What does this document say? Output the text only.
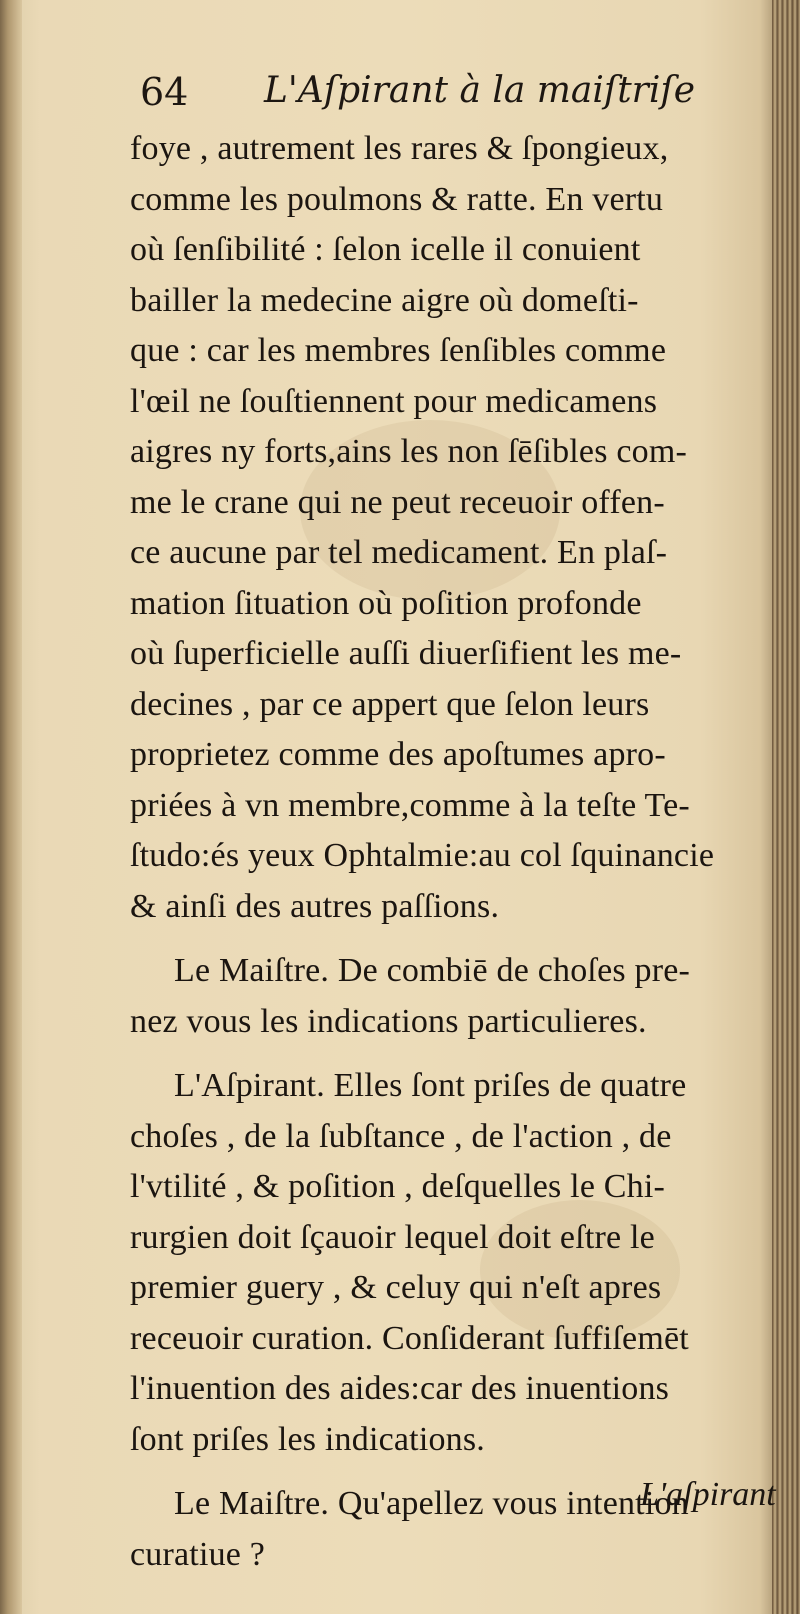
64 L'Aſpirant à la maiſtriſe
foye , autrement les rares & ſpongieux,
comme les poulmons & ratte. En vertu
où ſenſibilité : ſelon icelle il conuient
bailler la medecine aigre où domeſti-
que : car les membres ſenſibles comme
l'œil ne ſouſtiennent pour medicamens
aigres ny forts,ains les non ſēſibles com-
me le crane qui ne peut receuoir offen-
ce aucune par tel medicament. En plaſ-
mation ſituation où poſition profonde
où ſuperficielle auſſi diuerſifient les me-
decines , par ce appert que ſelon leurs
proprietez comme des apoſtumes apro-
priées à vn membre,comme à la teſte Te-
ſtudo:és yeux Ophtalmie:au col ſquinancie
& ainſi des autres paſſions.
Le Maiſtre. De combiē de choſes pre-
nez vous les indications particulieres.
L'Aſpirant. Elles ſont priſes de quatre
choſes , de la ſubſtance , de l'action , de
l'vtilité , & poſition , deſquelles le Chi-
rurgien doit ſçauoir lequel doit eſtre le
premier guery , & celuy qui n'eſt apres
receuoir curation. Conſiderant ſuffiſemēt
l'inuention des aides:car des inuentions
ſont priſes les indications.
Le Maiſtre. Qu'apellez vous intention
curatiue ?
L'aſpirant
